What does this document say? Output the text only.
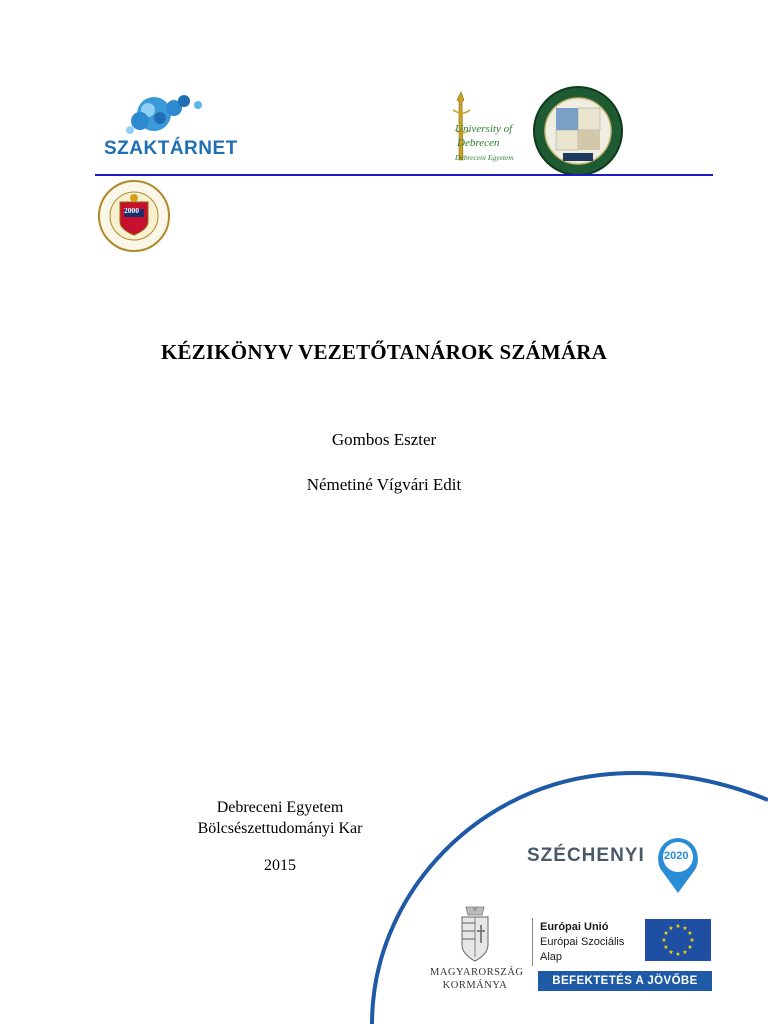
SZAKTÁRNET
University of
Debrecen
Debreceni Egyetem
2000
KÉZIKÖNYV VEZETŐTANÁROK SZÁMÁRA
Gombos Eszter
Németiné Vígvári Edit
Debreceni Egyetem
Bölcsészettudományi Kar
2015	SZÉCHENYI 2020
MAGYARORSZÁG
KORMÁNYA
Európai Unió
Európai Szociális
Alap
★ ★
★
★
★
★
★
★
★
★
★
★
BEFEKTETÉS A JÖVŐBE
